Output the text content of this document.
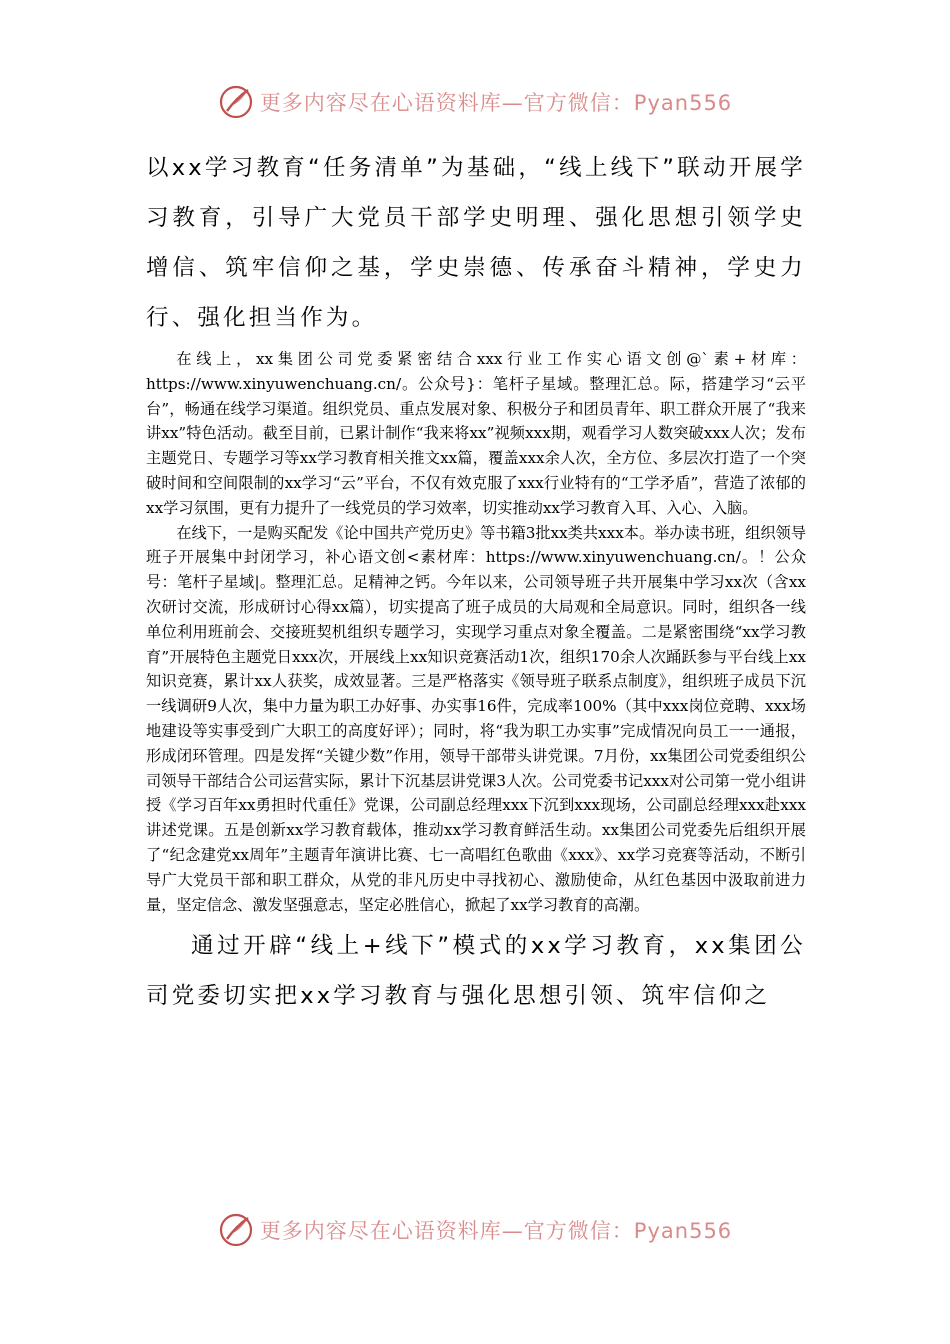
更多内容尽在心语资料库—官方微信：Pyan556

以xx学习教育“任务清单”为基础，“线上线下”联动开展学习教育，引导广大党员干部学史明理、强化思想引领学史增信、筑牢信仰之基，学史崇德、传承奋斗精神，学史力行、强化担当作为。

在线上，xx集团公司党委紧密结合xxx行业工作实心语文创@`素+材库：https://www.xinyuwenchuang.cn/。公众号}：笔杆子星域。整理汇总。际，搭建学习“云平台”，畅通在线学习渠道。组织党员、重点发展对象、积极分子和团员青年、职工群众开展了“我来讲xx”特色活动。截至目前，已累计制作“我来将xx”视频xxx期，观看学习人数突破xxx人次；发布主题党日、专题学习等xx学习教育相关推文xx篇，覆盖xxx余人次，全方位、多层次打造了一个突破时间和空间限制的xx学习“云”平台，不仅有效克服了xxx行业特有的“工学矛盾”，营造了浓郁的xx学习氛围，更有力提升了一线党员的学习效率，切实推动xx学习教育入耳、入心、入脑。

在线下，一是购买配发《论中国共产党历史》等书籍3批xx类共xxx本。举办读书班，组织领导班子开展集中封闭学习，补心语文创<素材库：https://www.xinyuwenchuang.cn/。！公众号：笔杆子星域|。整理汇总。足精神之钙。今年以来，公司领导班子共开展集中学习xx次（含xx次研讨交流，形成研讨心得xx篇），切实提高了班子成员的大局观和全局意识。同时，组织各一线单位利用班前会、交接班契机组织专题学习，实现学习重点对象全覆盖。二是紧密围绕“xx学习教育”开展特色主题党日xxx次，开展线上xx知识竞赛活动1次，组织170余人次踊跃参与平台线上xx知识竞赛，累计xx人获奖，成效显著。三是严格落实《领导班子联系点制度》，组织班子成员下沉一线调研9人次，集中力量为职工办好事、办实事16件，完成率100%（其中xxx岗位竞聘、xxx场地建设等实事受到广大职工的高度好评）；同时，将“我为职工办实事”完成情况向员工一一通报，形成闭环管理。四是发挥“关键少数”作用，领导干部带头讲党课。7月份，xx集团公司党委组织公司领导干部结合公司运营实际，累计下沉基层讲党课3人次。公司党委书记xxx对公司第一党小组讲授《学习百年xx勇担时代重任》党课，公司副总经理xxx下沉到xxx现场，公司副总经理xxx赴xxx讲述党课。五是创新xx学习教育载体，推动xx学习教育鲜活生动。xx集团公司党委先后组织开展了“纪念建党xx周年”主题青年演讲比赛、七一高唱红色歌曲《xxx》、xx学习竞赛等活动，不断引导广大党员干部和职工群众，从党的非凡历史中寻找初心、激励使命，从红色基因中汲取前进力量，坚定信念、激发坚强意志，坚定必胜信心，掀起了xx学习教育的高潮。

通过开辟“线上+线下”模式的xx学习教育，xx集团公司党委切实把xx学习教育与强化思想引领、筑牢信仰之

更多内容尽在心语资料库—官方微信：Pyan556
